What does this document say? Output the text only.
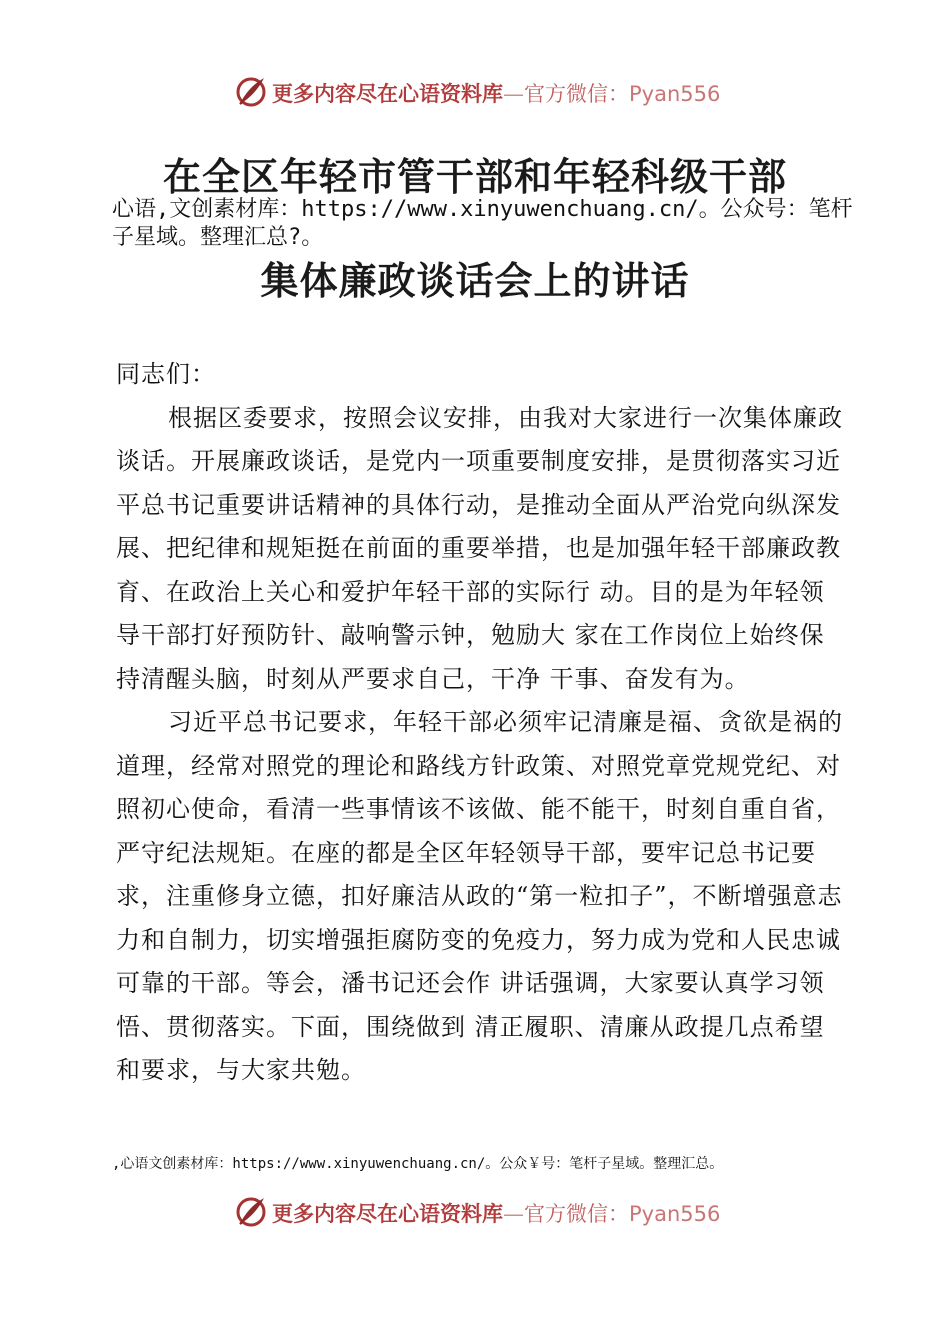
更多内容尽在心语资料库—官方微信：Pyan556
在全区年轻市管干部和年轻科级干部
心语,文创素材库：https://www.xinyuwenchuang.cn/。公众号：笔杆子星域。整理汇总?。
集体廉政谈话会上的讲话

同志们：

根据区委要求，按照会议安排，由我对大家进行一次集体廉政谈话。开展廉政谈话，是党内一项重要制度安排，是贯彻落实习近平总书记重要讲话精神的具体行动，是推动全面从严治党向纵深发展、把纪律和规矩挺在前面的重要举措，也是加强年轻干部廉政教育、在政治上关心和爱护年轻干部的实际行 动。目的是为年轻领导干部打好预防针、敲响警示钟，勉励大 家在工作岗位上始终保持清醒头脑，时刻从严要求自己，干净 干事、奋发有为。

习近平总书记要求，年轻干部必须牢记清廉是福、贪欲是祸的道理，经常对照党的理论和路线方针政策、对照党章党规党纪、对照初心使命，看清一些事情该不该做、能不能干，时刻自重自省，严守纪法规矩。在座的都是全区年轻领导干部，要牢记总书记要求，注重修身立德，扣好廉洁从政的“第一粒扣子”，不断增强意志力和自制力，切实增强拒腐防变的免疫力，努力成为党和人民忠诚可靠的干部。等会，潘书记还会作 讲话强调，大家要认真学习领悟、贯彻落实。下面，围绕做到 清正履职、清廉从政提几点希望和要求，与大家共勉。

,心语文创素材库：https://www.xinyuwenchuang.cn/。公众￥号：笔杆子星域。整理汇总。
更多内容尽在心语资料库—官方微信：Pyan556
